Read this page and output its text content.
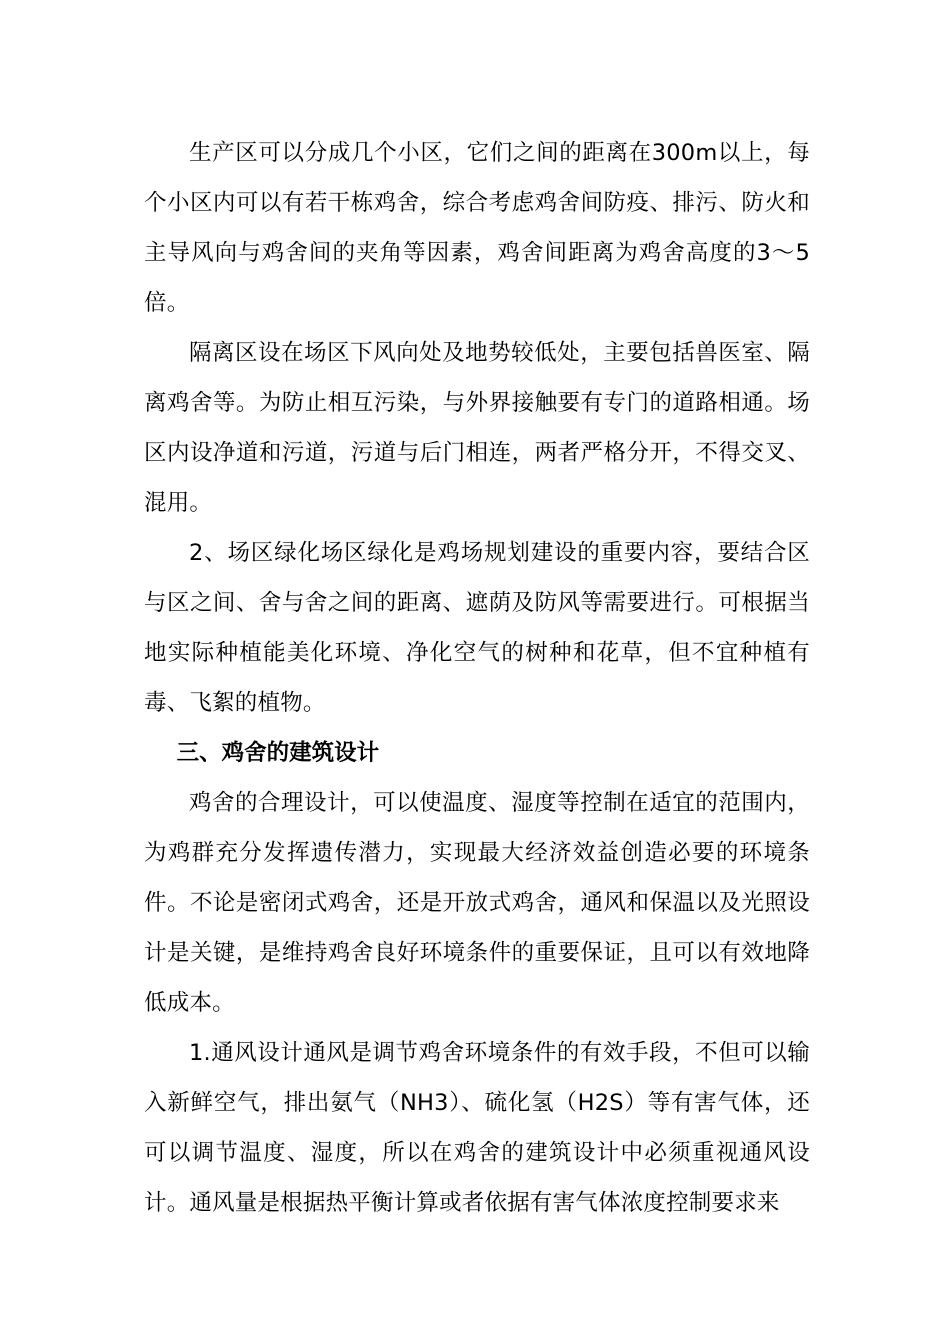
生产区可以分成几个小区，它们之间的距离在300m以上，每个小区内可以有若干栋鸡舍，综合考虑鸡舍间防疫、排污、防火和主导风向与鸡舍间的夹角等因素，鸡舍间距离为鸡舍高度的3～5倍。

隔离区设在场区下风向处及地势较低处，主要包括兽医室、隔离鸡舍等。为防止相互污染，与外界接触要有专门的道路相通。场区内设净道和污道，污道与后门相连，两者严格分开，不得交叉、混用。

2、场区绿化场区绿化是鸡场规划建设的重要内容，要结合区与区之间、舍与舍之间的距离、遮荫及防风等需要进行。可根据当地实际种植能美化环境、净化空气的树种和花草，但不宜种植有毒、飞絮的植物。

三、鸡舍的建筑设计

鸡舍的合理设计，可以使温度、湿度等控制在适宜的范围内，为鸡群充分发挥遗传潜力，实现最大经济效益创造必要的环境条件。不论是密闭式鸡舍，还是开放式鸡舍，通风和保温以及光照设计是关键，是维持鸡舍良好环境条件的重要保证，且可以有效地降低成本。

1.通风设计通风是调节鸡舍环境条件的有效手段，不但可以输入新鲜空气，排出氨气（NH3）、硫化氢（H2S）等有害气体，还可以调节温度、湿度，所以在鸡舍的建筑设计中必须重视通风设计。通风量是根据热平衡计算或者依据有害气体浓度控制要求来
